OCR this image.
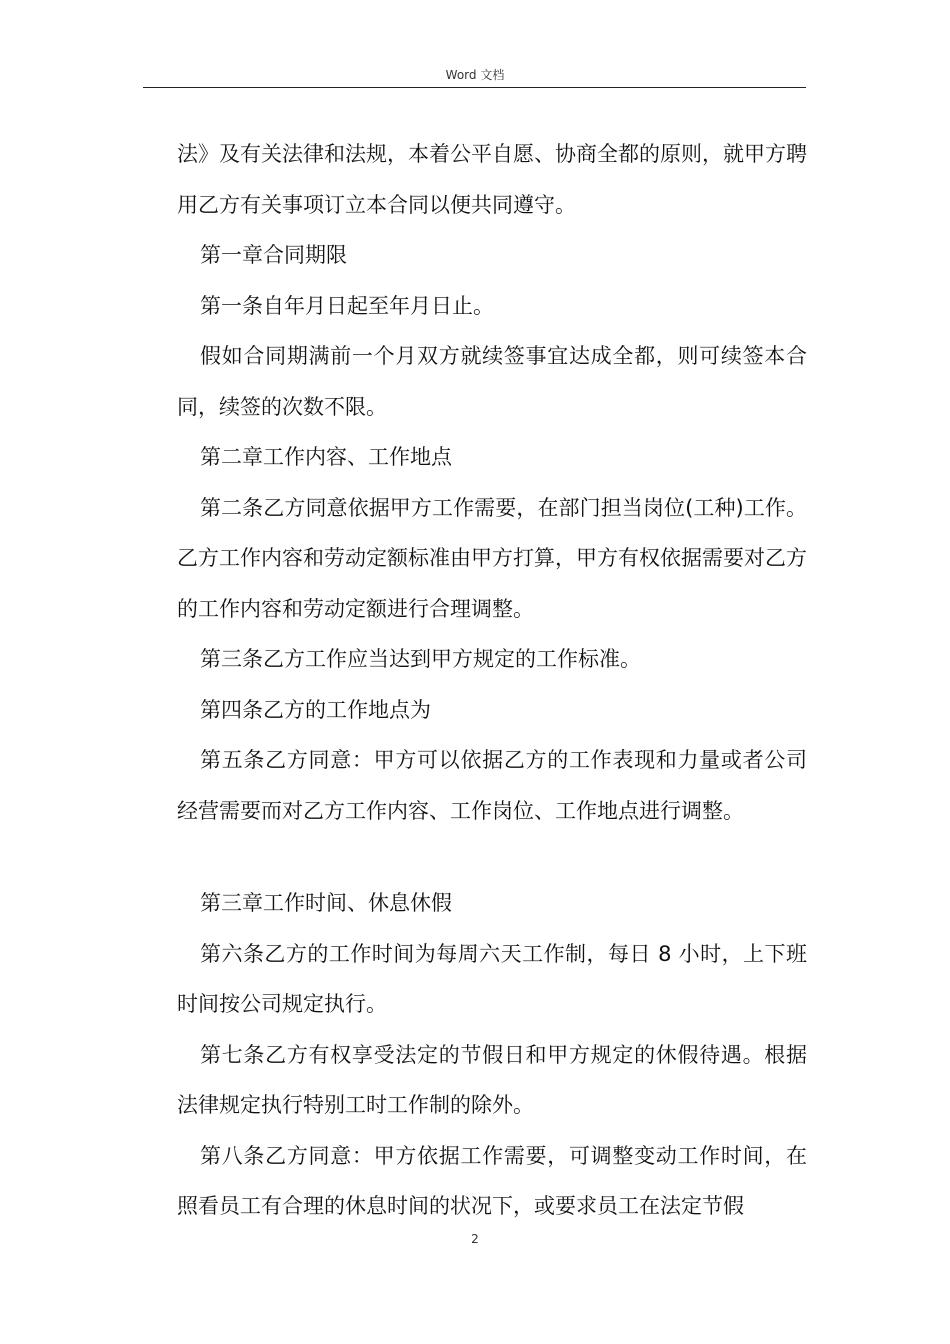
Word 文档

法》及有关法律和法规，本着公平自愿、协商全都的原则，就甲方聘用乙方有关事项订立本合同以便共同遵守。

第一章合同期限

第一条自年月日起至年月日止。

假如合同期满前一个月双方就续签事宜达成全都，则可续签本合同，续签的次数不限。

第二章工作内容、工作地点

第二条乙方同意依据甲方工作需要，在部门担当岗位(工种)工作。乙方工作内容和劳动定额标准由甲方打算，甲方有权依据需要对乙方的工作内容和劳动定额进行合理调整。

第三条乙方工作应当达到甲方规定的工作标准。

第四条乙方的工作地点为

第五条乙方同意：甲方可以依据乙方的工作表现和力量或者公司经营需要而对乙方工作内容、工作岗位、工作地点进行调整。

第三章工作时间、休息休假

第六条乙方的工作时间为每周六天工作制，每日 8 小时，上下班时间按公司规定执行。

第七条乙方有权享受法定的节假日和甲方规定的休假待遇。根据法律规定执行特别工时工作制的除外。

第八条乙方同意：甲方依据工作需要，可调整变动工作时间，在照看员工有合理的休息时间的状况下，或要求员工在法定节假

2
